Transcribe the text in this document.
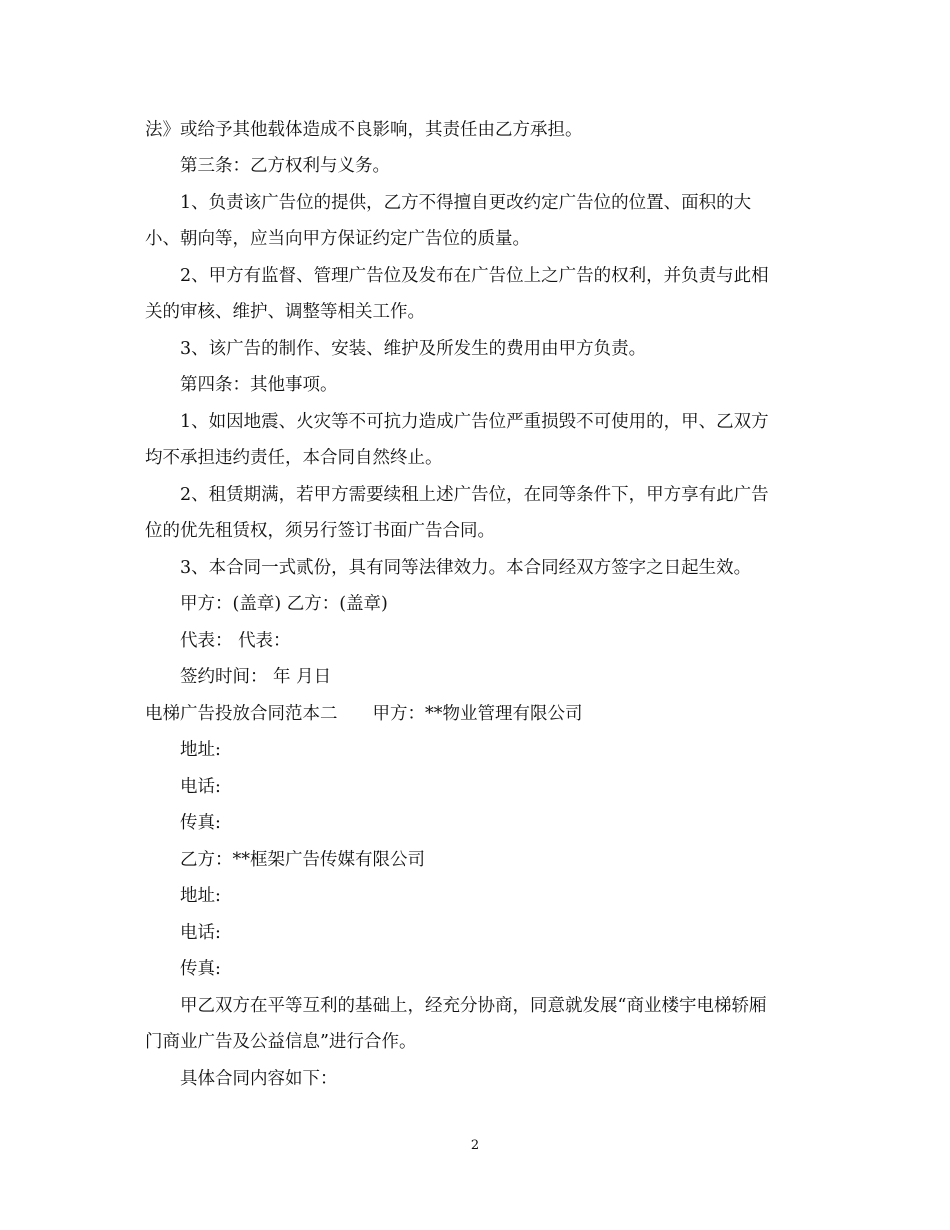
法》或给予其他载体造成不良影响，其责任由乙方承担。
第三条：乙方权利与义务。
1、负责该广告位的提供，乙方不得擅自更改约定广告位的位置、面积的大
小、朝向等，应当向甲方保证约定广告位的质量。
2、甲方有监督、管理广告位及发布在广告位上之广告的权利，并负责与此相
关的审核、维护、调整等相关工作。
3、该广告的制作、安装、维护及所发生的费用由甲方负责。
第四条：其他事项。
1、如因地震、火灾等不可抗力造成广告位严重损毁不可使用的，甲、乙双方
均不承担违约责任，本合同自然终止。
2、租赁期满，若甲方需要续租上述广告位，在同等条件下，甲方享有此广告
位的优先租赁权，须另行签订书面广告合同。
3、本合同一式贰份，具有同等法律效力。本合同经双方签字之日起生效。
甲方：(盖章) 乙方：(盖章)
代表： 代表：
签约时间： 年 月日
电梯广告投放合同范本二　　甲方：**物业管理有限公司
地址:
电话:
传真:
乙方：**框架广告传媒有限公司
地址:
电话:
传真:
甲乙双方在平等互利的基础上，经充分协商，同意就发展“商业楼宇电梯轿厢
门商业广告及公益信息”进行合作。
具体合同内容如下：
2
